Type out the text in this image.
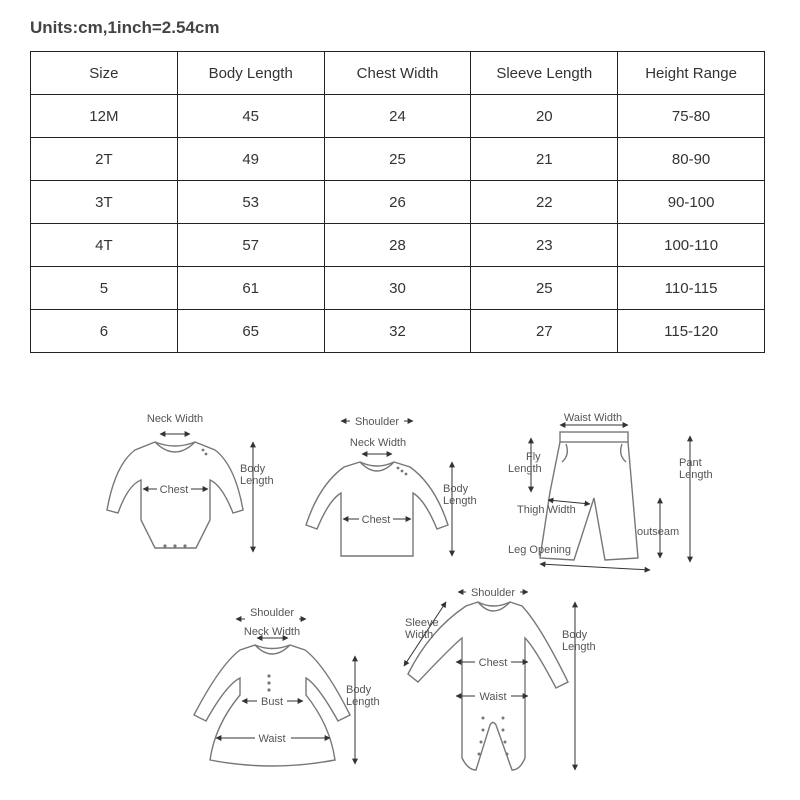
Units:cm,1inch=2.54cm
Size	Body Length	Chest Width	Sleeve Length	Height Range
12M	45	24	20	75-80
2T	49	25	21	80-90
3T	53	26	22	90-100
4T	57	28	23	100-110
5	61	30	25	110-115
6	65	32	27	115-120
Neck Width
Chest
Body
Length
Shoulder
Neck Width
Chest
Body
Length
Waist Width
Fly
Length	Pant
Length
Thigh Width
outseam
Leg Opening
Shoulder
Neck Width
Bust
Waist
Body
Length
Shoulder
Sleeve
Width
Chest
Waist
Body
Length
